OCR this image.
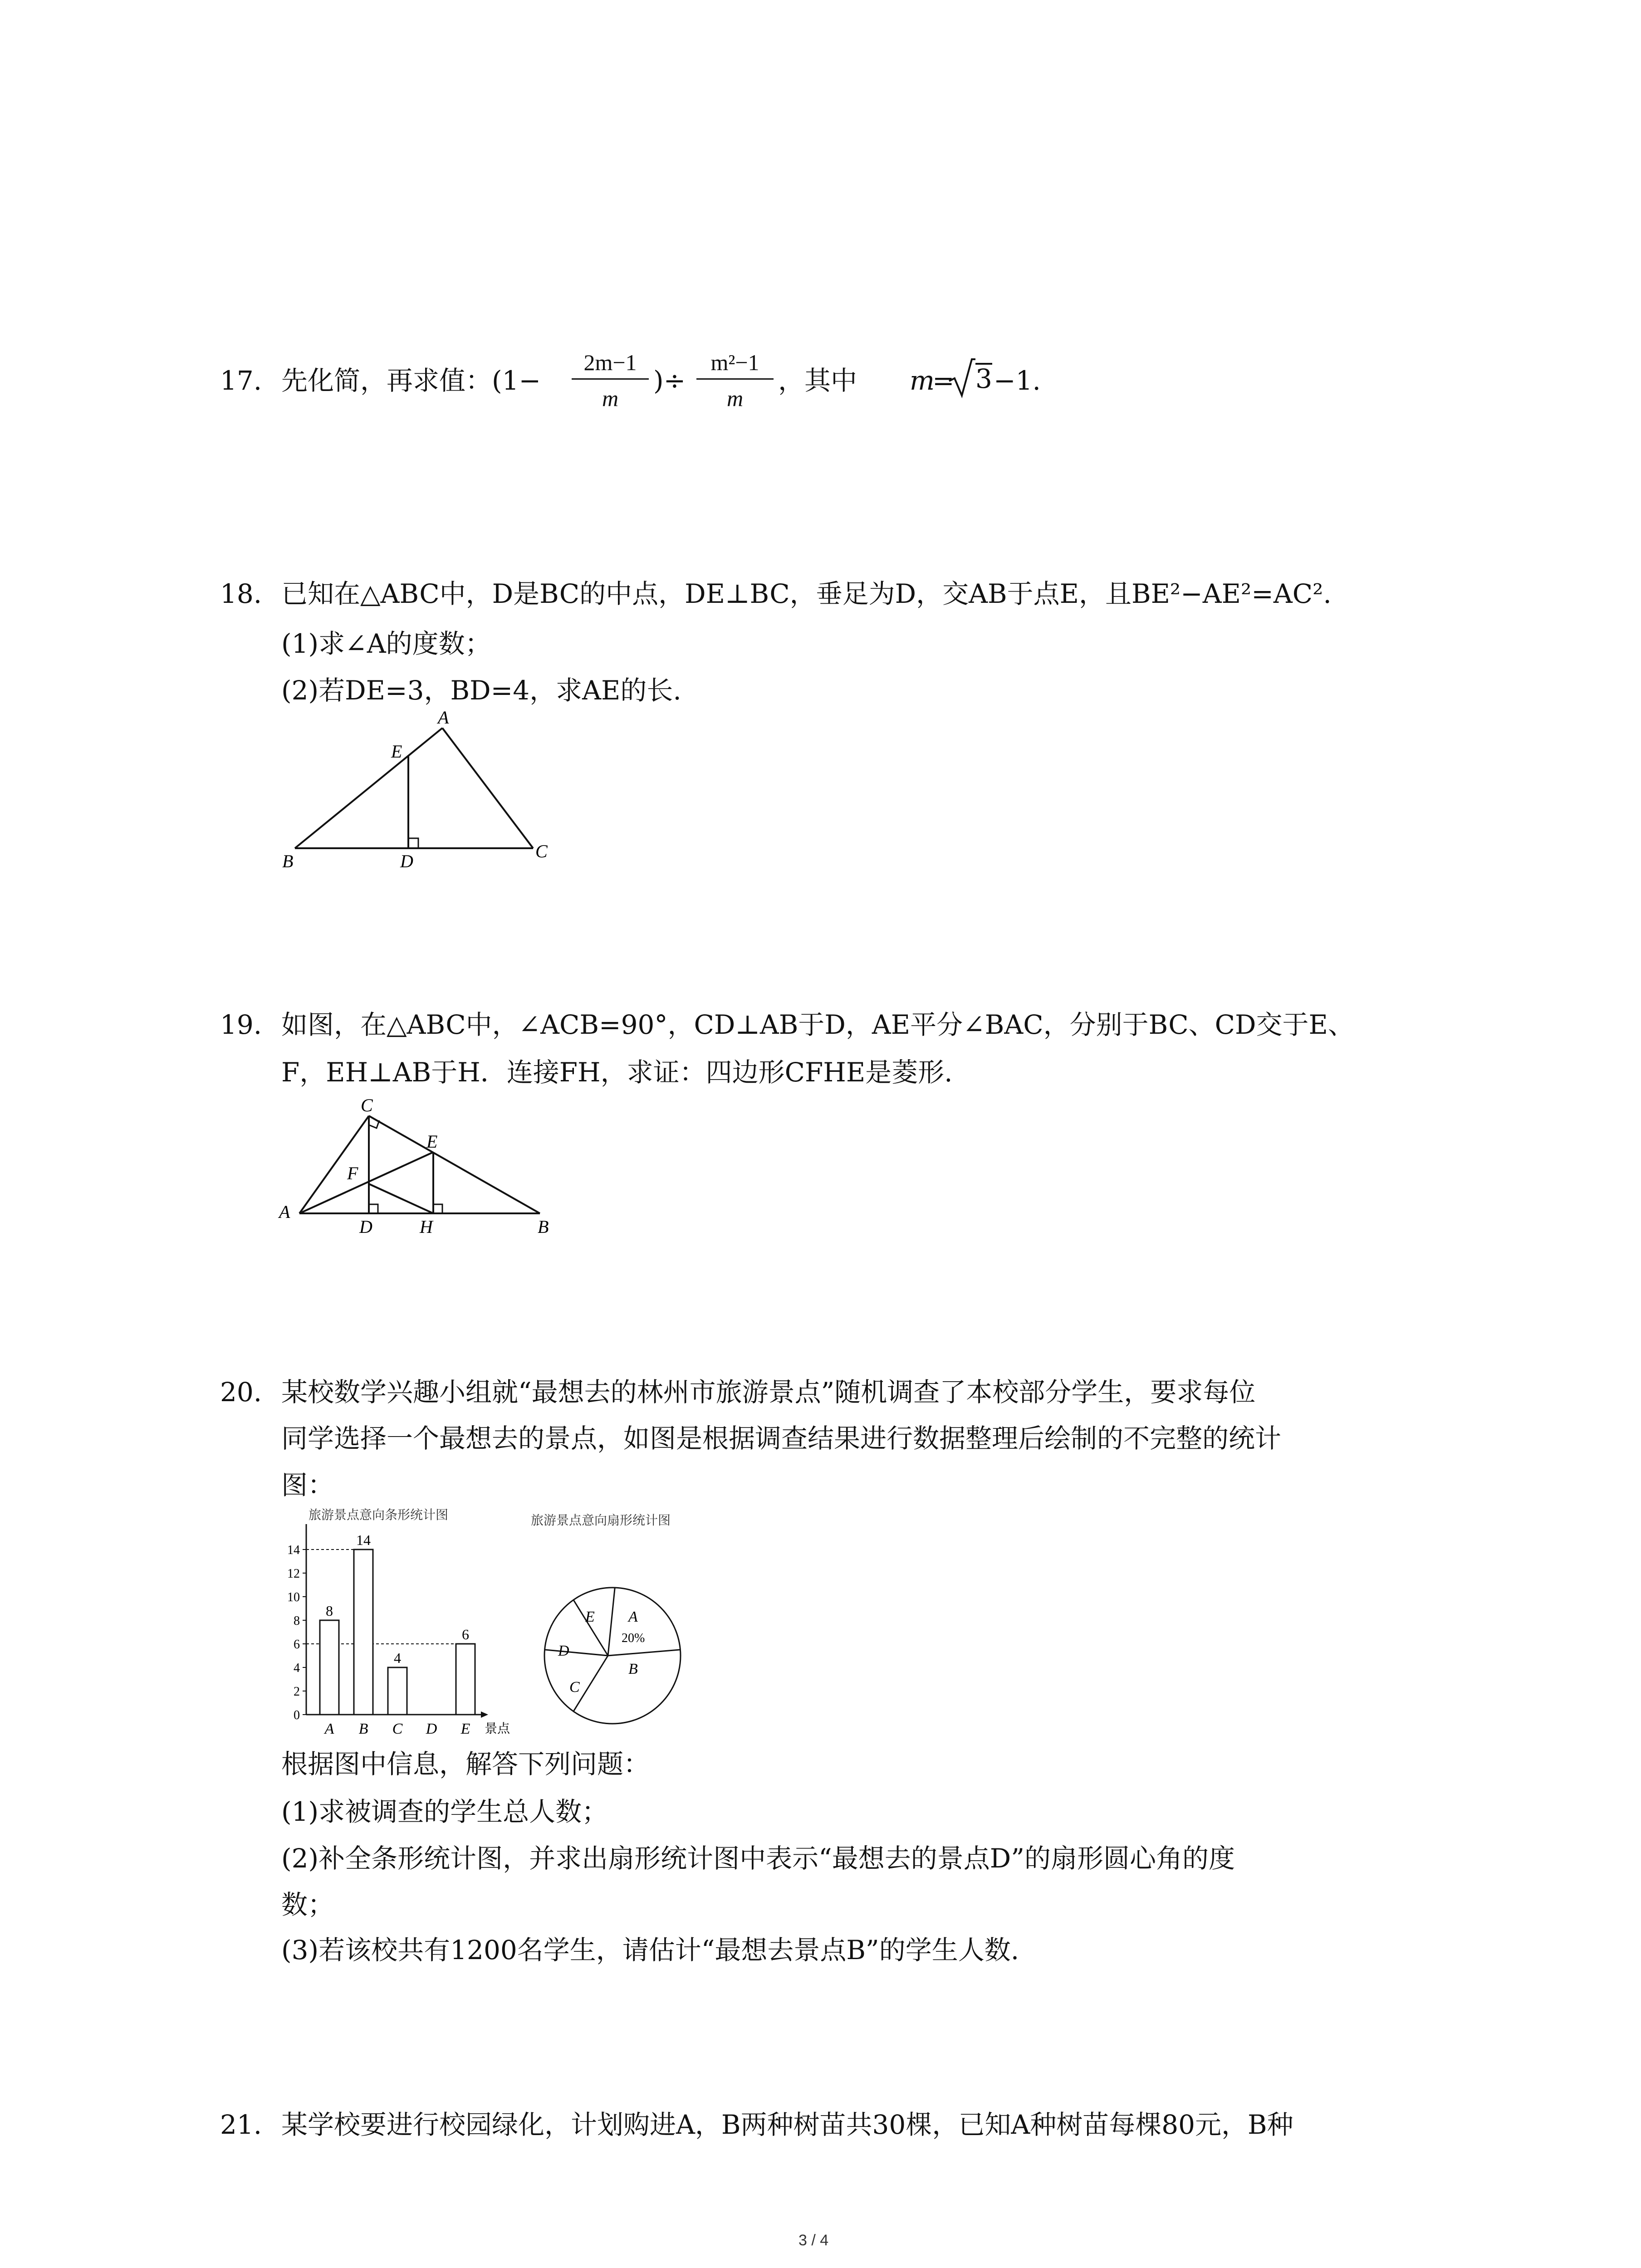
17. 先化简，再求值：($1- \frac{2m-1}{m}$ )÷ $\frac{\text{m²−1}}{m}$ ，其中 m
= 3 −1.
18. 已知在△ABC中，D是BC的中点，DE⊥BC，垂足为D，交AB于点E，且BE²−AE²=AC².
(1)求∠A的度数；
(2)若DE=3，BD=4，求AE的长.
A
E
B	D	C
19. 如图，在△ABC中，∠ACB=90°，CD⊥AB于D，AE平分∠BAC，分别于BC、CD交于E、
F，EH⊥AB于H．连接FH，求证：四边形CFHE是菱形.
C
E
F
A
D	H	B
20. 某校数学兴趣小组就“最想去的林州市旅游景点”随机调查了本校部分学生，要求每位
同学选择一个最想去的景点，如图是根据调查结果进行数据整理后绘制的不完整的统计
图：
旅游景点意向条形统计图
景点
0
2
4
6
8
10
12
14
8
A
14
B
4
C D
6
E
旅游景点意向扇形统计图
A
B
C
D
E
20%
根据图中信息，解答下列问题：
(1)求被调查的学生总人数；
(2)补全条形统计图，并求出扇形统计图中表示“最想去的景点D”的扇形圆心角的度
数；
(3)若该校共有1200名学生，请估计“最想去景点B”的学生人数.
21. 某学校要进行校园绿化，计划购进A，B两种树苗共30棵，已知A种树苗每棵80元，B种
3 / 4
